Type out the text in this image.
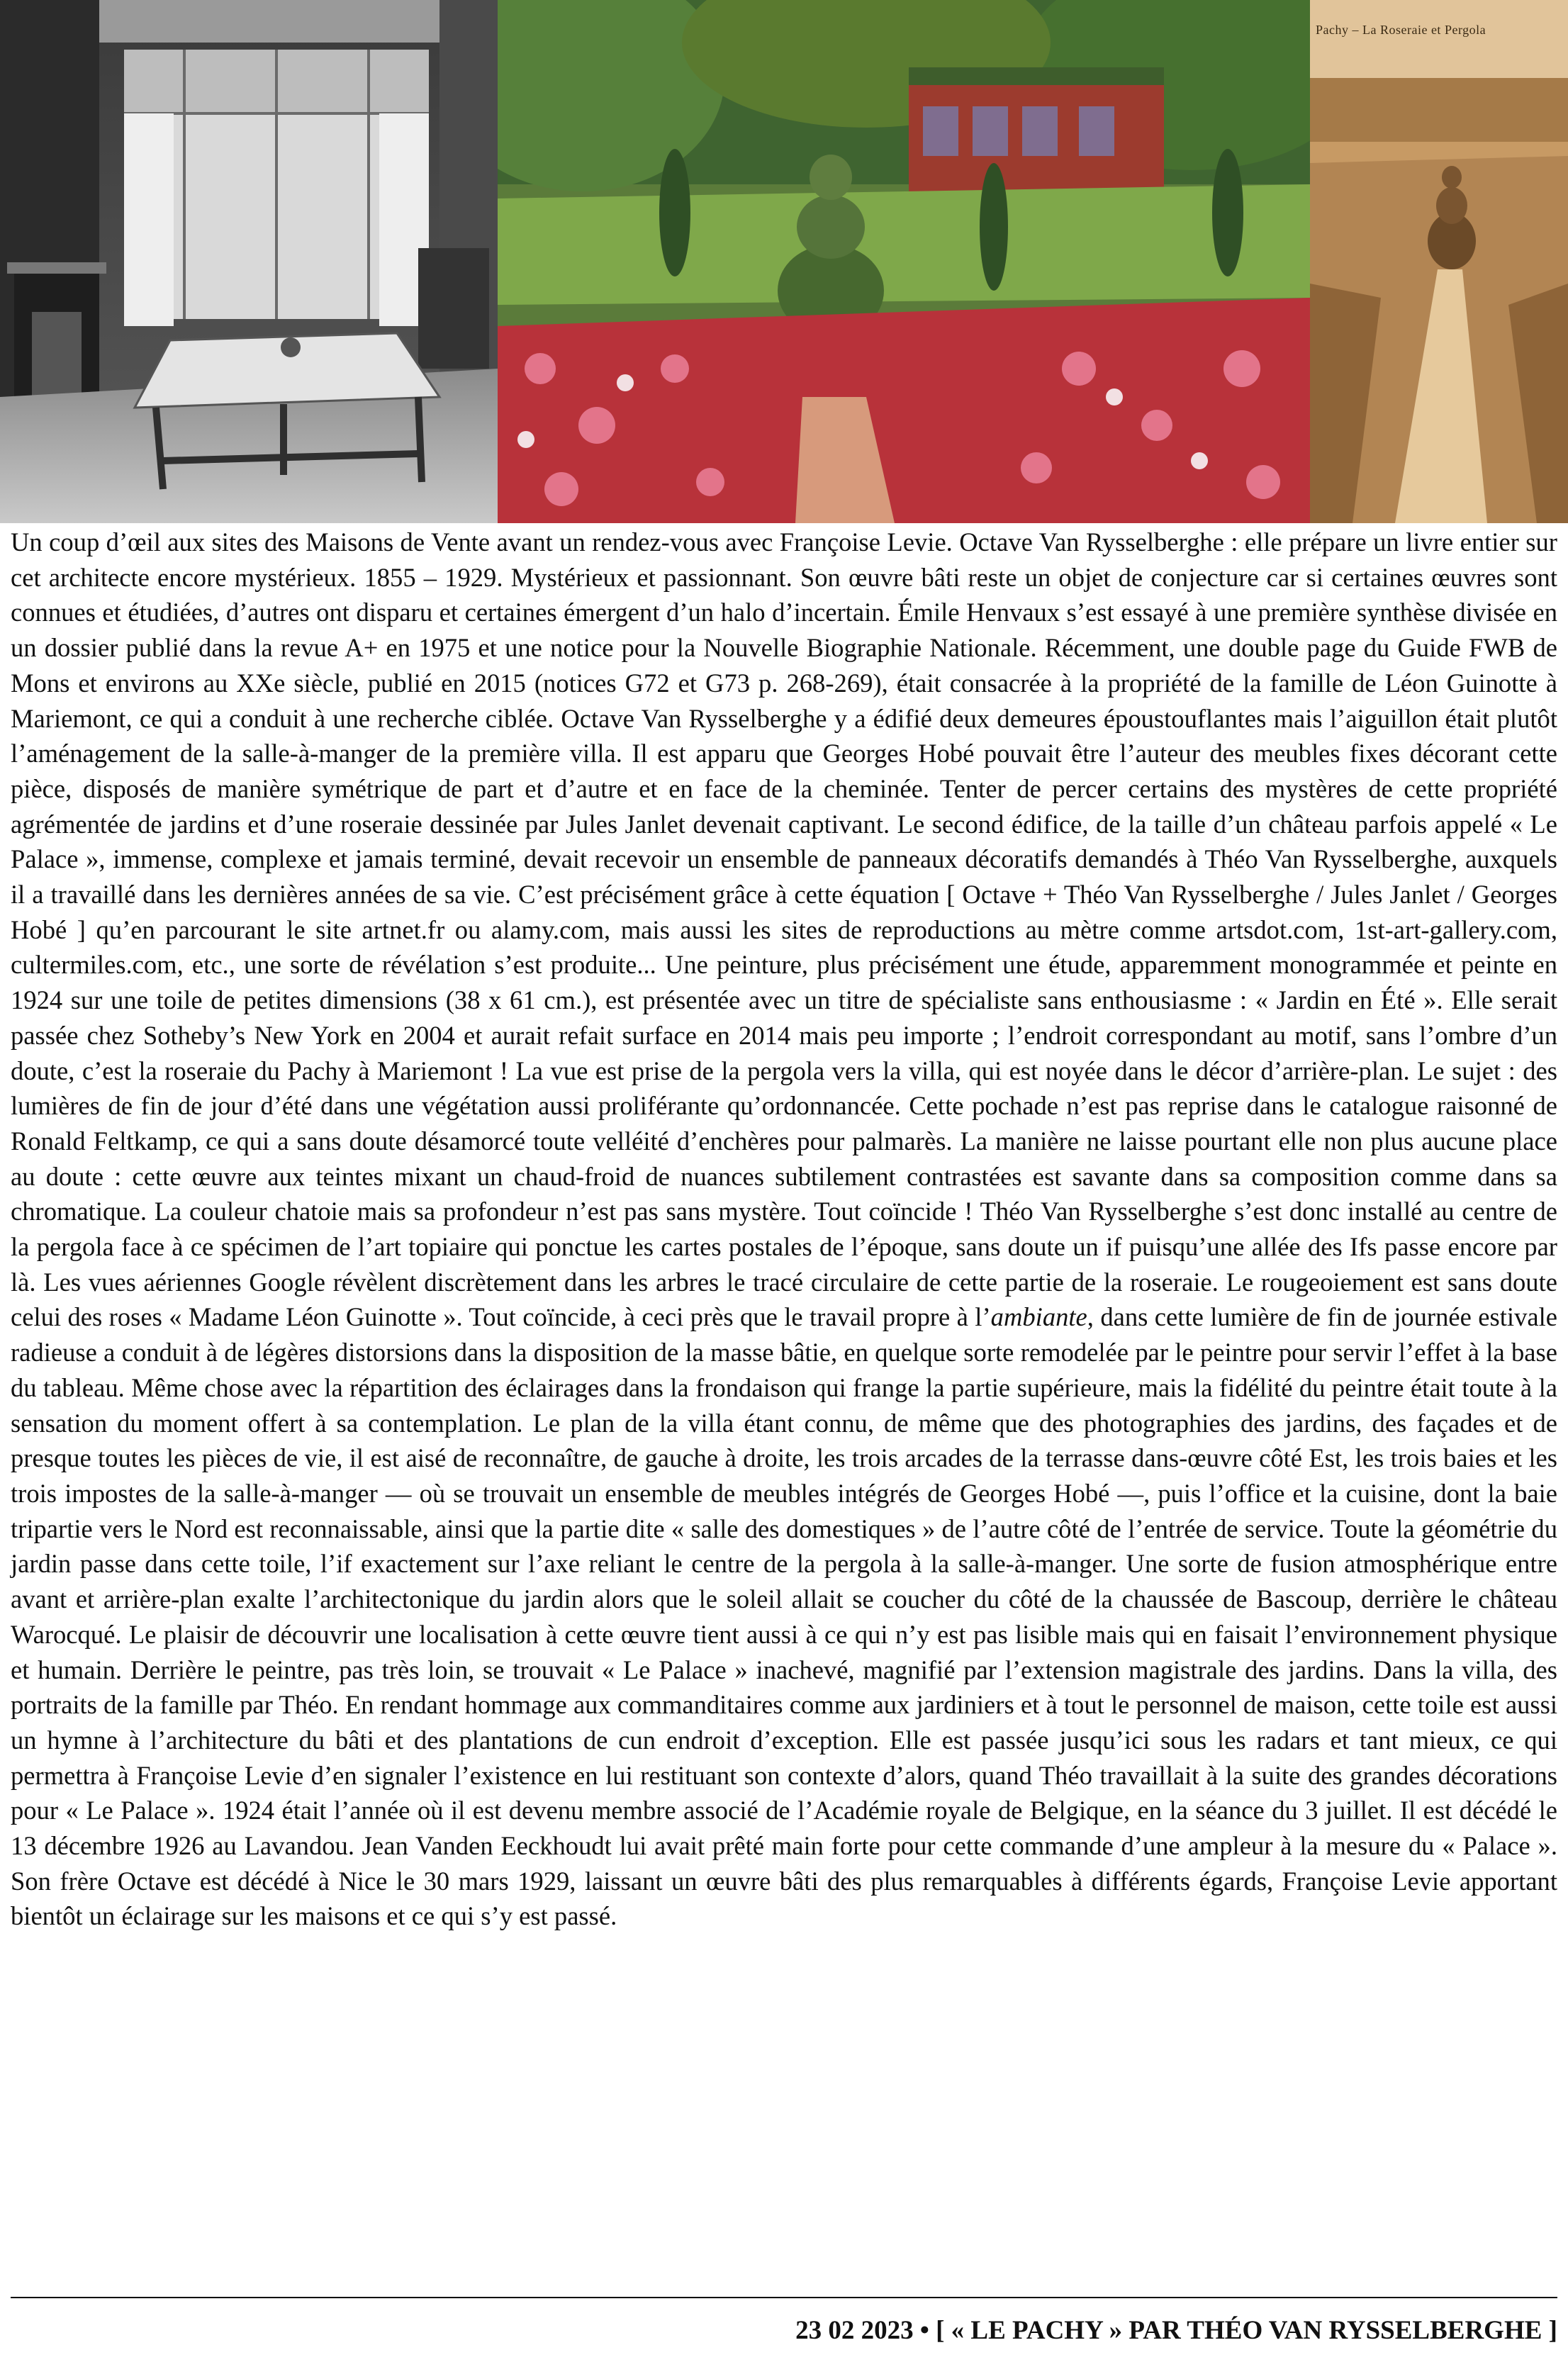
Pachy – La Roseraie et Pergola

Un coup d’œil aux sites des Maisons de Vente avant un rendez-vous avec Françoise Levie. Octave Van Rysselberghe : elle prépare un livre entier sur cet architecte encore mystérieux. 1855 – 1929. Mystérieux et passionnant. Son œuvre bâti reste un objet de conjecture car si certaines œuvres sont connues et étudiées, d’autres ont disparu et certaines émergent d’un halo d’incertain. Émile Henvaux s’est essayé à une première synthèse divisée en un dossier publié dans la revue A+ en 1975 et une notice pour la Nouvelle Biographie Nationale. Récemment, une double page du Guide FWB de Mons et environs au XXe siècle, publié en 2015 (notices G72 et G73 p. 268-269), était consacrée à la propriété de la famille de Léon Guinotte à Mariemont, ce qui a conduit à une recherche ciblée. Octave Van Rysselberghe y a édifié deux demeures époustouflantes mais l’aiguillon était plutôt l’aménagement de la salle-à-manger de la première villa. Il est apparu que Georges Hobé pouvait être l’auteur des meubles fixes décorant cette pièce, disposés de manière symétrique de part et d’autre et en face de la cheminée. Tenter de percer certains des mystères de cette propriété agrémentée de jardins et d’une roseraie dessinée par Jules Janlet devenait captivant. Le second édifice, de la taille d’un château parfois appelé « Le Palace », immense, complexe et jamais terminé, devait recevoir un ensemble de panneaux décoratifs demandés à Théo Van Rysselberghe, auxquels il a travaillé dans les dernières années de sa vie. C’est précisément grâce à cette équation [ Octave + Théo Van Rysselberghe / Jules Janlet / Georges Hobé ] qu’en parcourant le site artnet.fr ou alamy.com, mais aussi les sites de reproductions au mètre comme artsdot.com, 1st-art-gallery.com, cultermiles.com, etc., une sorte de révélation s’est produite... Une peinture, plus précisément une étude, apparemment monogrammée et peinte en 1924 sur une toile de petites dimensions (38 x 61 cm.), est présentée avec un titre de spécialiste sans enthousiasme : « Jardin en Été ». Elle serait passée chez Sotheby’s New York en 2004 et aurait refait surface en 2014 mais peu importe ; l’endroit correspondant au motif, sans l’ombre d’un doute, c’est la roseraie du Pachy à Mariemont ! La vue est prise de la pergola vers la villa, qui est noyée dans le décor d’arrière-plan. Le sujet : des lumières de fin de jour d’été dans une végétation aussi proliférante qu’ordonnancée. Cette pochade n’est pas reprise dans le catalogue raisonné de Ronald Feltkamp, ce qui a sans doute désamorcé toute velléité d’enchères pour palmarès. La manière ne laisse pourtant elle non plus aucune place au doute : cette œuvre aux teintes mixant un chaud-froid de nuances subtilement contrastées est savante dans sa composition comme dans sa chromatique. La couleur chatoie mais sa profondeur n’est pas sans mystère. Tout coïncide ! Théo Van Rysselberghe s’est donc installé au centre de la pergola face à ce spécimen de l’art topiaire qui ponctue les cartes postales de l’époque, sans doute un if puisqu’une allée des Ifs passe encore par là. Les vues aériennes Google révèlent discrètement dans les arbres le tracé circulaire de cette partie de la roseraie. Le rougeoiement est sans doute celui des roses « Madame Léon Guinotte ». Tout coïncide, à ceci près que le travail propre à l’ambiante, dans cette lumière de fin de journée estivale radieuse a conduit à de légères distorsions dans la disposition de la masse bâtie, en quelque sorte remodelée par le peintre pour servir l’effet à la base du tableau. Même chose avec la répartition des éclairages dans la frondaison qui frange la partie supérieure, mais la fidélité du peintre était toute à la sensation du moment offert à sa contemplation. Le plan de la villa étant connu, de même que des photographies des jardins, des façades et de presque toutes les pièces de vie, il est aisé de reconnaître, de gauche à droite, les trois arcades de la terrasse dans-œuvre côté Est, les trois baies et les trois impostes de la salle-à-manger — où se trouvait un ensemble de meubles intégrés de Georges Hobé —, puis l’office et la cuisine, dont la baie tripartie vers le Nord est reconnaissable, ainsi que la partie dite « salle des domestiques » de l’autre côté de l’entrée de service. Toute la géométrie du jardin passe dans cette toile, l’if exactement sur l’axe reliant le centre de la pergola à la salle-à-manger. Une sorte de fusion atmosphérique entre avant et arrière-plan exalte l’architectonique du jardin alors que le soleil allait se coucher du côté de la chaussée de Bascoup, derrière le château Warocqué. Le plaisir de découvrir une localisation à cette œuvre tient aussi à ce qui n’y est pas lisible mais qui en faisait l’environnement physique et humain. Derrière le peintre, pas très loin, se trouvait « Le Palace » inachevé, magnifié par l’extension magistrale des jardins. Dans la villa, des portraits de la famille par Théo. En rendant hommage aux commanditaires comme aux jardiniers et à tout le personnel de maison, cette toile est aussi un hymne à l’architecture du bâti et des plantations de cun endroit d’exception. Elle est passée jusqu’ici sous les radars et tant mieux, ce qui permettra à Françoise Levie d’en signaler l’existence en lui restituant son contexte d’alors, quand Théo travaillait à la suite des grandes décorations pour « Le Palace ». 1924 était l’année où il est devenu membre associé de l’Académie royale de Belgique, en la séance du 3 juillet. Il est décédé le 13 décembre 1926 au Lavandou. Jean Vanden Eeckhoudt lui avait prêté main forte pour cette commande d’une ampleur à la mesure du « Palace ». Son frère Octave est décédé à Nice le 30 mars 1929, laissant un œuvre bâti des plus remarquables à différents égards, Françoise Levie apportant bientôt un éclairage sur les maisons et ce qui s’y est passé.

23 02 2023 • [ « LE PACHY » PAR THÉO VAN RYSSELBERGHE ]
